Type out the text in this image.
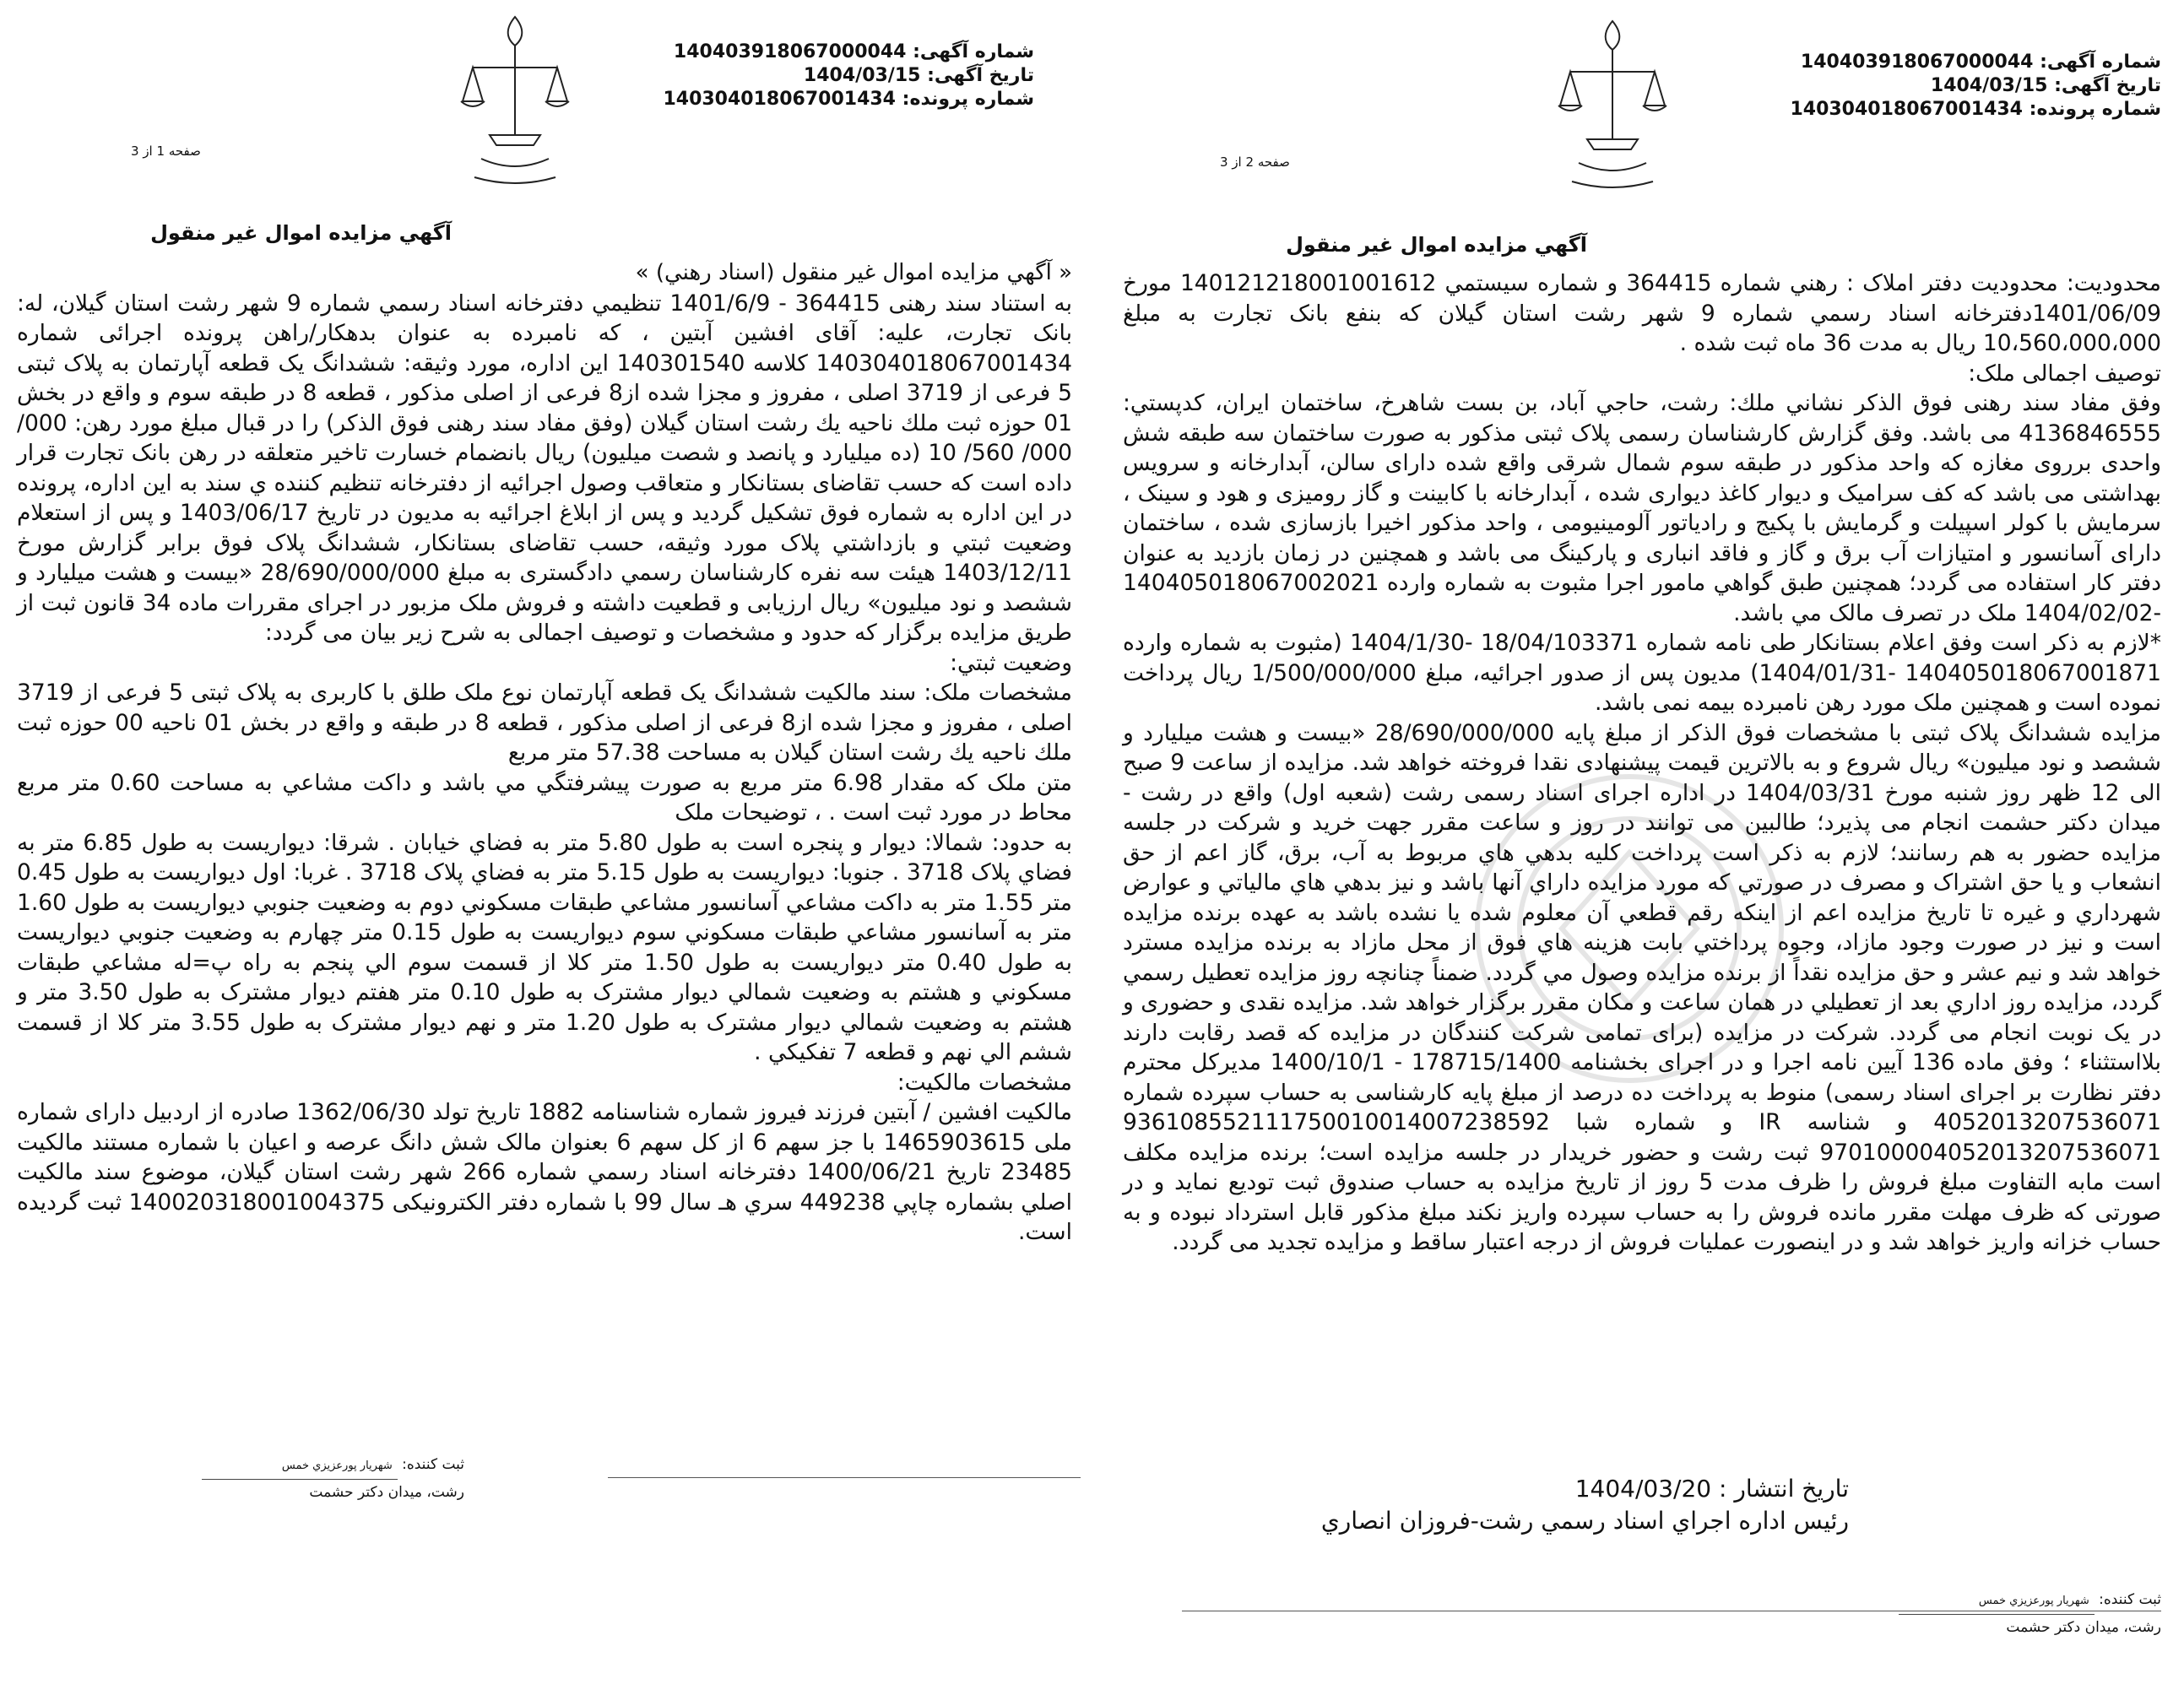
شماره آگهی: 140403918067000044
تاریخ آگهی: 1404/03/15
شماره پرونده: 140304018067001434
صفحه 1 از 3
آگهي مزايده اموال غير منقول

« آگهي مزايده اموال غير منقول (اسناد رهني) »

به استناد سند رهنی 364415 - 1401/6/9 تنظيمي دفترخانه اسناد رسمي شماره 9 شهر رشت استان گيلان، له: بانک تجارت، علیه: آقای افشین آبتین ، که نامبرده به عنوان بدهکار/راهن پرونده اجرائی شماره 140304018067001434 کلاسه 140301540 این اداره، مورد وثیقه: ششدانگ یک قطعه آپارتمان به پلاک ثبتی 5 فرعی از 3719 اصلی ، مفروز و مجزا شده از8 فرعی از اصلی مذکور ، قطعه 8 در طبقه سوم و واقع در بخش 01 حوزه ثبت ملك ناحيه يك رشت استان گيلان (وفق مفاد سند رهنی فوق الذکر) را در قبال مبلغ مورد رهن: 000/ 000/ 560/ 10 (ده میلیارد و پانصد و شصت میلیون) ریال بانضمام خسارت تاخیر متعلقه در رهن بانک تجارت قرار داده است که حسب تقاضای بستانکار و متعاقب وصول اجرائیه از دفترخانه تنظیم کننده ي سند به این اداره، پرونده در این اداره به شماره فوق تشکیل گردید و پس از ابلاغ اجرائیه به مدیون در تاریخ 1403/06/17 و پس از استعلام وضعيت ثبتي و بازداشتي پلاک مورد وثيقه، حسب تقاضای بستانکار، ششدانگ پلاک فوق برابر گزارش مورخ 1403/12/11 هيئت سه نفره کارشناسان رسمي دادگستری به مبلغ 28/690/000/000 «بیست و هشت میلیارد و ششصد و نود میلیون» ريال ارزيابی و قطعيت داشته و فروش ملک مزبور در اجرای مقررات ماده 34 قانون ثبت از طريق مزايده برگزار که حدود و مشخصات و توصیف اجمالی به شرح زیر بیان می گردد:

وضعيت ثبتي:

مشخصات ملک: سند مالکيت ششدانگ یک قطعه آپارتمان نوع ملک طلق با کاربری به پلاک ثبتی 5 فرعی از 3719 اصلی ، مفروز و مجزا شده از8 فرعی از اصلی مذکور ، قطعه 8 در طبقه و واقع در بخش 01 ناحيه 00 حوزه ثبت ملك ناحيه يك رشت استان گيلان به مساحت 57.38 متر مربع

متن ملک که مقدار 6.98 متر مربع به صورت پيشرفتگي مي باشد و داکت مشاعي به مساحت 0.60 متر مربع محاط در مورد ثبت است . ، توضيحات ملک

به حدود: شمالا: ديوار و پنجره است به طول 5.80 متر به فضاي خيابان . شرقا: ديواريست به طول 6.85 متر به فضاي پلاک 3718 . جنوبا: ديواريست به طول 5.15 متر به فضاي پلاک 3718 . غربا: اول ديواريست به طول 0.45 متر 1.55 متر به داکت مشاعي آسانسور مشاعي طبقات مسکوني دوم به وضعيت جنوبي ديواريست به طول 1.60 متر به آسانسور مشاعي طبقات مسکوني سوم ديواريست به طول 0.15 متر چهارم به وضعيت جنوبي ديواريست به طول 0.40 متر ديواريست به طول 1.50 متر کلا از قسمت سوم الي پنجم به راه پ=له مشاعي طبقات مسکوني و هشتم به وضعيت شمالي ديوار مشترک به طول 0.10 متر هفتم ديوار مشترک به طول 3.50 متر و هشتم به وضعيت شمالي ديوار مشترک به طول 1.20 متر و نهم ديوار مشترک به طول 3.55 متر کلا از قسمت ششم الي نهم و قطعه 7 تفکيکي .

مشخصات مالکیت:

مالکيت افشين / آبتين فرزند فيروز شماره شناسنامه 1882 تاريخ تولد 1362/06/30 صادره از اردبيل دارای شماره ملی 1465903615 با جز سهم 6 از کل سهم 6 بعنوان مالک شش دانگ عرصه و اعيان با شماره مستند مالکيت 23485 تاريخ 1400/06/21 دفترخانه اسناد رسمي شماره 266 شهر رشت استان گيلان، موضوع سند مالکيت اصلي بشماره چاپي 449238 سري هـ سال 99 با شماره دفتر الکترونيکی 140020318001004375 ثبت گرديده است.

ثبت كننده: شهريار پورعزيزي خمس
رشت، میدان دکتر حشمت
شماره آگهی: 140403918067000044
تاریخ آگهی: 1404/03/15
شماره پرونده: 140304018067001434
صفحه 2 از 3
آگهي مزايده اموال غير منقول

محدوديت: محدوديت دفتر املاک : رهني شماره 364415 و شماره سيستمي 14012121800100161​2 مورخ 1401/06/09دفترخانه اسناد رسمي شماره 9 شهر رشت استان گيلان كه بنفع بانک تجارت به مبلغ 10،560،000،000 ريال به مدت 36 ماه ثبت شده .

توصيف اجمالی ملک:

وفق مفاد سند رهنی فوق الذکر نشاني ملك: رشت، حاجي آباد، بن بست شاهرخ، ساختمان ايران، کدپستي: 4136846555 می باشد. وفق گزارش کارشناسان رسمی پلاک ثبتی مذکور به صورت ساختمان سه طبقه شش واحدی برروی مغازه که واحد مذکور در طبقه سوم شمال شرقی واقع شده دارای سالن، آبدارخانه و سرویس بهداشتی می باشد که کف سرامیک و دیوار کاغذ دیواری شده ، آبدارخانه با کابینت و گاز رومیزی و هود و سینک ، سرمایش با کولر اسپیلت و گرمایش با پکیج و رادیاتور آلومینیومی ، واحد مذکور اخیرا بازسازی شده ، ساختمان دارای آسانسور و امتیازات آب برق و گاز و فاقد انباری و پارکینگ می باشد و همچنین در زمان بازدید به عنوان دفتر کار استفاده می گردد؛ همچنین طبق گواهي مامور اجرا مثبوت به شماره وارده 140405018067002021 -1404/02/02 ملک در تصرف مالک مي باشد.

*لازم به ذکر است وفق اعلام بستانکار طی نامه شماره 18/04/103371 -1404/1/30 (مثبوت به شماره وارده 140405018067001871 -1404/01/31) مدیون پس از صدور اجرائیه، مبلغ 1/500/000/000 ریال پرداخت نموده است و همچنین ملک مورد رهن نامبرده بیمه نمی باشد.

مزايده ششدانگ پلاک ثبتی با مشخصات فوق الذکر از مبلغ پایه 28/690/000/000 «بیست و هشت میلیارد و ششصد و نود میلیون» ریال شروع و به بالاترین قیمت پیشنهادی نقدا فروخته خواهد شد. مزایده از ساعت 9 صبح الی 12 ظهر روز شنبه مورخ 1404/03/31 در اداره اجرای اسناد رسمی رشت (شعبه اول) واقع در رشت - میدان دکتر حشمت انجام می پذیرد؛ طالبین می توانند در روز و ساعت مقرر جهت خرید و شرکت در جلسه مزایده حضور به هم رسانند؛ لازم به ذکر است پرداخت کليه بدهي هاي مربوط به آب، برق، گاز اعم از حق انشعاب و يا حق اشتراک و مصرف در صورتي که مورد مزايده داراي آنها باشد و نيز بدهي هاي مالياتي و عوارض شهرداري و غيره تا تاريخ مزايده اعم از اينکه رقم قطعي آن معلوم شده يا نشده باشد به عهده برنده مزايده است و نيز در صورت وجود مازاد، وجوه پرداختي بابت هزينه هاي فوق از محل مازاد به برنده مزايده مسترد خواهد شد و نيم عشر و حق مزايده نقداً از برنده مزايده وصول مي گردد. ضمناً چنانچه روز مزايده تعطيل رسمي گردد، مزايده روز اداري بعد از تعطيلي در همان ساعت و مکان مقرر برگزار خواهد شد. مزایده نقدی و حضوری و در یک نوبت انجام می گردد. شرکت در مزایده (برای تمامی شرکت کنندگان در مزایده که قصد رقابت دارند بلااستثناء ؛ وفق ماده 136 آیین نامه اجرا و در اجرای بخشنامه 178715/1400 - 1400/10/1 مدیرکل محترم دفتر نظارت بر اجرای اسناد رسمی) منوط به پرداخت ده درصد از مبلغ پایه کارشناسی به حساب سپرده شماره 4052013207536071 و شناسه IR و شماره شبا 936108552111750010014007238592 9701000040520132075360​71 ثبت رشت و حضور خریدار در جلسه مزایده است؛ برنده مزایده مکلف است مابه التفاوت مبلغ فروش را ظرف مدت 5 روز از تاریخ مزایده به حساب صندوق ثبت تودیع نماید و در صورتی که ظرف مهلت مقرر مانده فروش را به حساب سپرده واریز نکند مبلغ مذکور قابل استرداد نبوده و به حساب خزانه واریز خواهد شد و در اینصورت عملیات فروش از درجه اعتبار ساقط و مزایده تجدید می گردد.

تاريخ انتشار : 1404/03/20
رئيس اداره اجراي اسناد رسمي رشت-فروزان انصاري
ثبت كننده: شهريار پورعزيزي خمس
رشت، میدان دکتر حشمت
